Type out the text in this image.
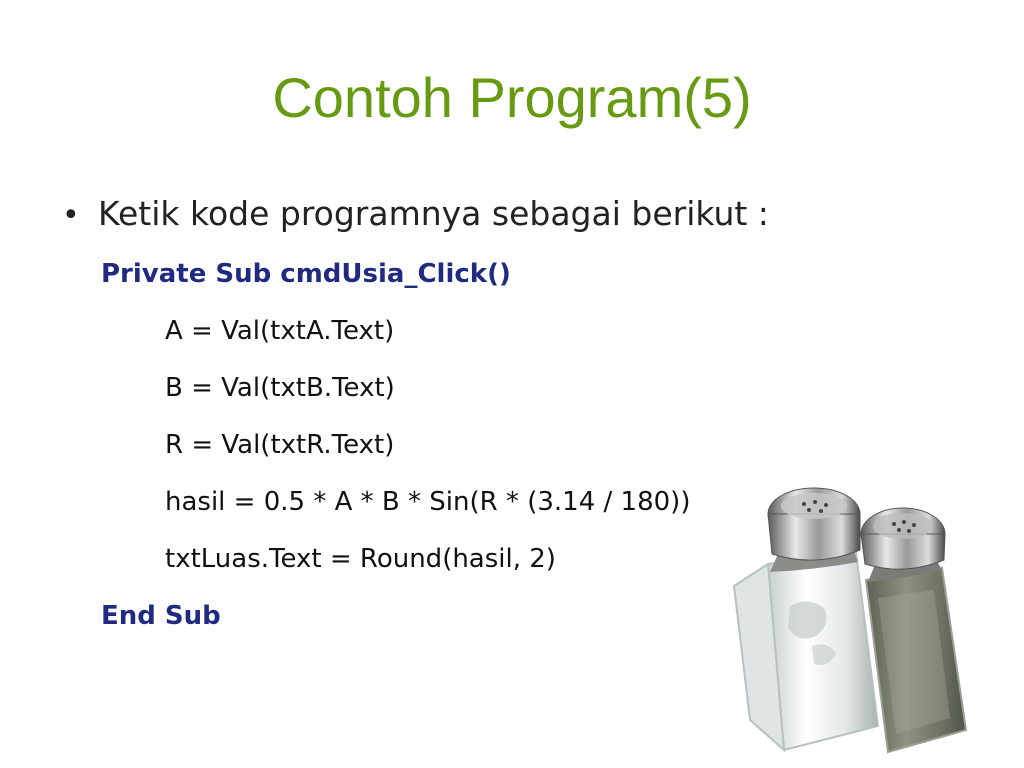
Contoh Program(5)
• Ketik kode programnya sebagai berikut :
Private Sub cmdUsia_Click()
A = Val(txtA.Text)
B = Val(txtB.Text)
R = Val(txtR.Text)
hasil = 0.5 * A * B * Sin(R * (3.14 / 180))
txtLuas.Text = Round(hasil, 2)
End Sub
